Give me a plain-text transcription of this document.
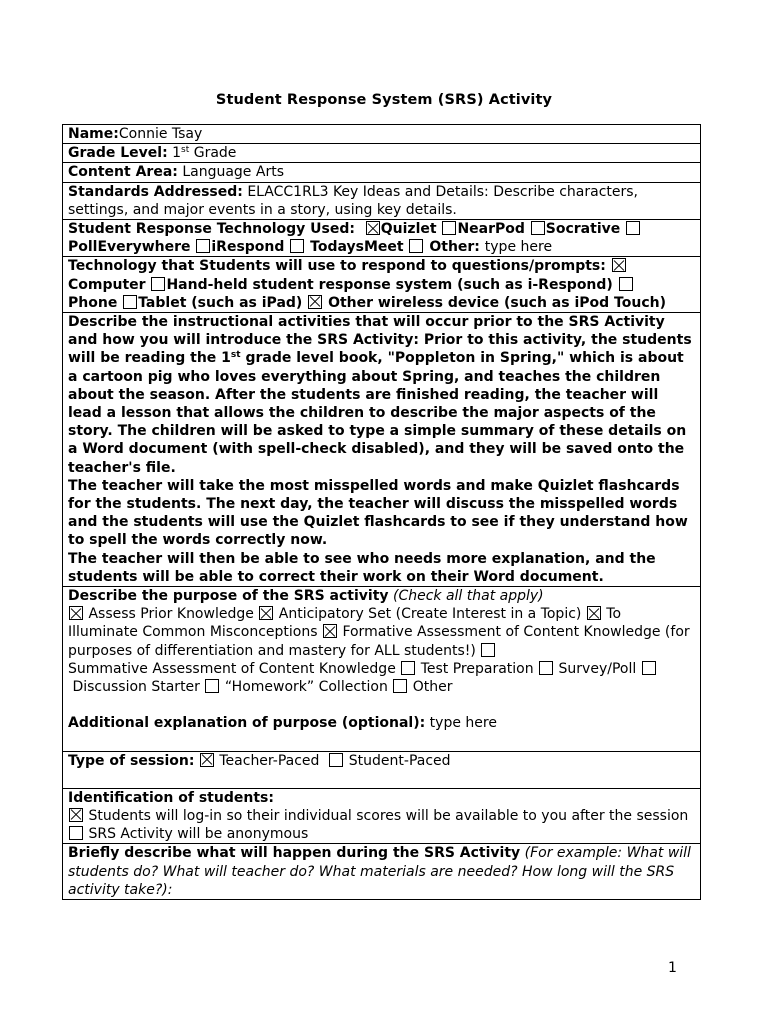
Student Response System (SRS) Activity
Name:Connie Tsay
Grade Level: 1st Grade
Content Area: Language Arts
Standards Addressed: ELACC1RL3 Key Ideas and Details: Describe characters, settings, and major events in a story, using key details.
Student Response Technology Used: Quizlet NearPod Socrative
PollEverywhere iRespond TodaysMeet Other: type here
Technology that Students will use to respond to questions/prompts:
Computer Hand-held student response system (such as i-Respond)
Phone Tablet (such as iPad) Other wireless device (such as iPod Touch)

Describe the instructional activities that will occur prior to the SRS Activity and how you will introduce the SRS Activity: Prior to this activity, the students will be reading the 1st grade level book, "Poppleton in Spring," which is about a cartoon pig who loves everything about Spring, and teaches the children about the season. After the students are finished reading, the teacher will lead a lesson that allows the children to describe the major aspects of the story. The children will be asked to type a simple summary of these details on a Word document (with spell-check disabled), and they will be saved onto the teacher's file.
The teacher will take the most misspelled words and make Quizlet flashcards for the students. The next day, the teacher will discuss the misspelled words and the students will use the Quizlet flashcards to see if they understand how to spell the words correctly now.
The teacher will then be able to see who needs more explanation, and the students will be able to correct their work on their Word document.

Describe the purpose of the SRS activity (Check all that apply)
Assess Prior Knowledge Anticipatory Set (Create Interest in a Topic) To Illuminate Common Misconceptions Formative Assessment of Content Knowledge (for purposes of differentiation and mastery for ALL students!)
Summative Assessment of Content Knowledge Test Preparation Survey/Poll
Discussion Starter “Homework” Collection Other
Additional explanation of purpose (optional): type here

Type of session: Teacher-Paced Student-Paced

Identification of students:
Students will log-in so their individual scores will be available to you after the session
SRS Activity will be anonymous

Briefly describe what will happen during the SRS Activity (For example: What will students do? What will teacher do? What materials are needed? How long will the SRS activity take?):
1
